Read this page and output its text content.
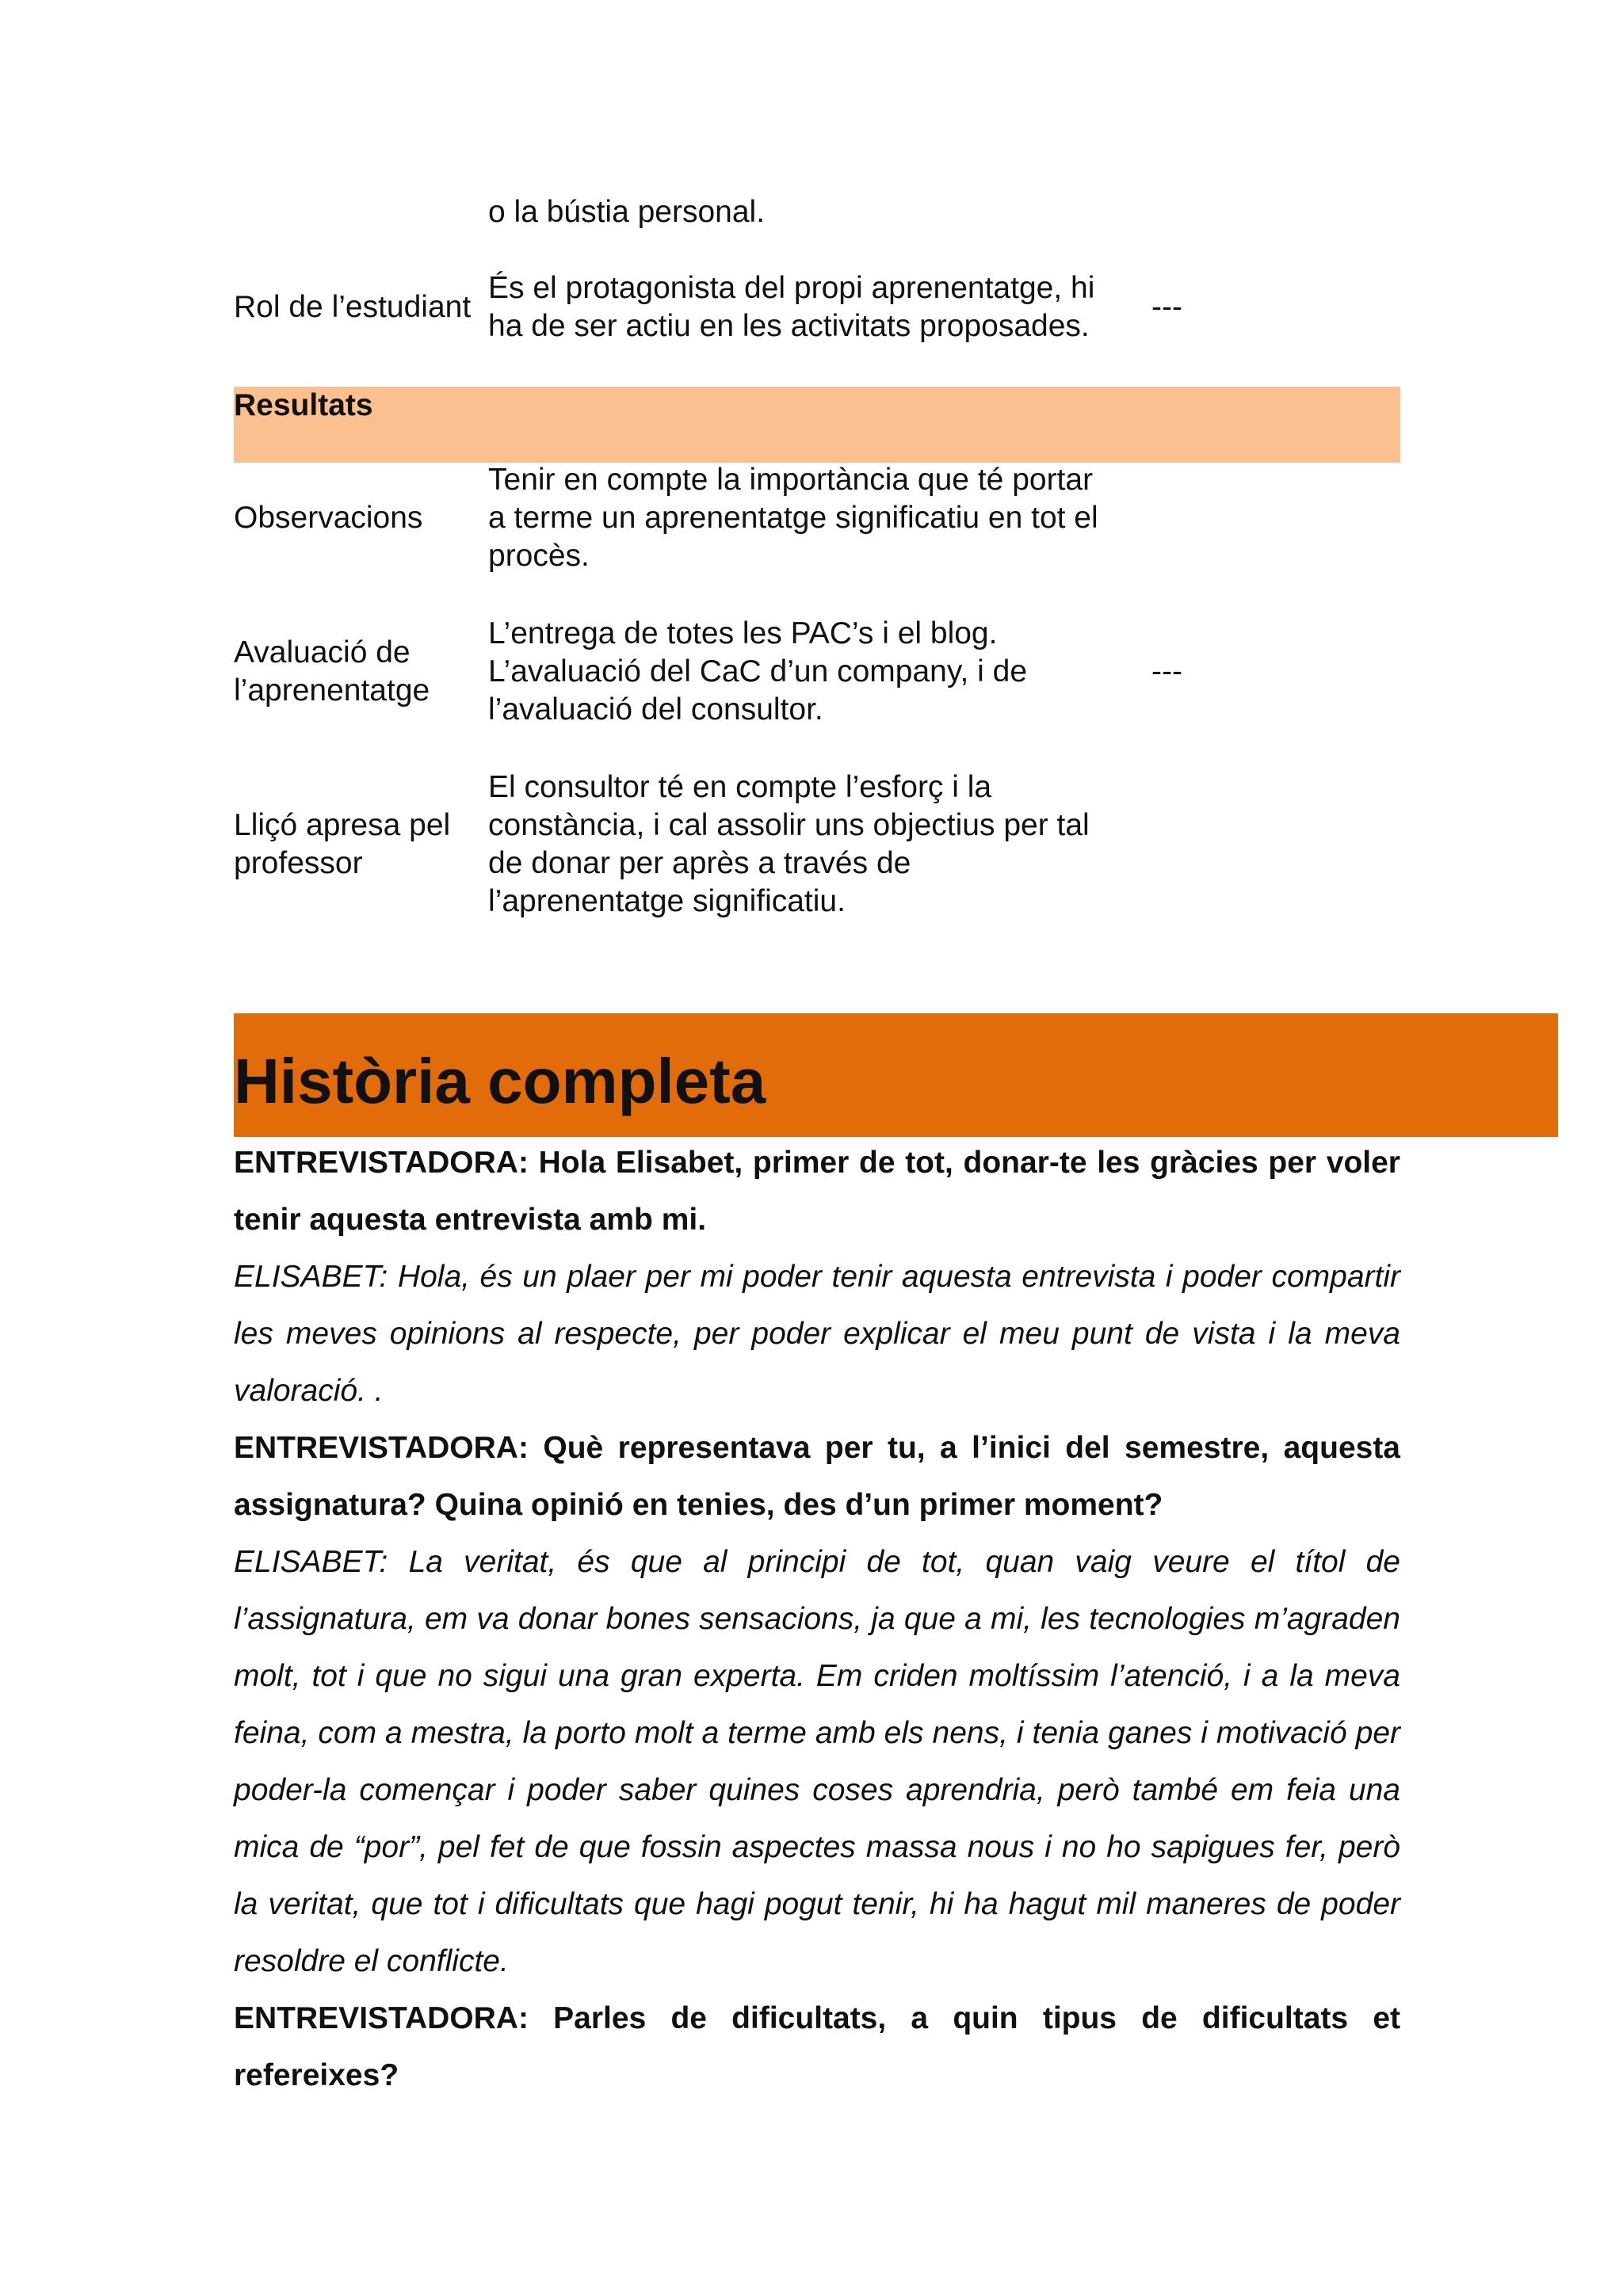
o la bústia personal.
Rol de l’estudiant
És el protagonista del propi aprenentatge, hi
ha de ser actiu en les activitats proposades.
---
Resultats
Observacions
Tenir en compte la importància que té portar
a terme un aprenentatge significatiu en tot el
procès.
Avaluació de
l’aprenentatge
L’entrega de totes les PAC’s i el blog.
L’avaluació del CaC d’un company, i de
l’avaluació del consultor.
---
Lliçó apresa pel
professor
El consultor té en compte l’esforç i la
constància, i cal assolir uns objectius per tal
de donar per après a través de
l’aprenentatge significatiu.
Història completa

ENTREVISTADORA: Hola Elisabet, primer de tot, donar-te les gràcies per voler tenir aquesta entrevista amb mi.

ELISABET: Hola, és un plaer per mi poder tenir aquesta entrevista i poder compartir les meves opinions al respecte, per poder explicar el meu punt de vista i la meva valoració. .

ENTREVISTADORA: Què representava per tu, a l’inici del semestre, aquesta assignatura? Quina opinió en tenies, des d’un primer moment?

ELISABET: La veritat, és que al principi de tot, quan vaig veure el títol de l’assignatura, em va donar bones sensacions, ja que a mi, les tecnologies m’agraden molt, tot i que no sigui una gran experta. Em criden moltíssim l’atenció, i a la meva feina, com a mestra, la porto molt a terme amb els nens, i tenia ganes i motivació per poder-la començar i poder saber quines coses aprendria, però també em feia una mica de “por”, pel fet de que fossin aspectes massa nous i no ho sapigues fer, però la veritat, que tot i dificultats que hagi pogut tenir, hi ha hagut mil maneres de poder resoldre el conflicte.

ENTREVISTADORA: Parles de dificultats, a quin tipus de dificultats et refereixes?
